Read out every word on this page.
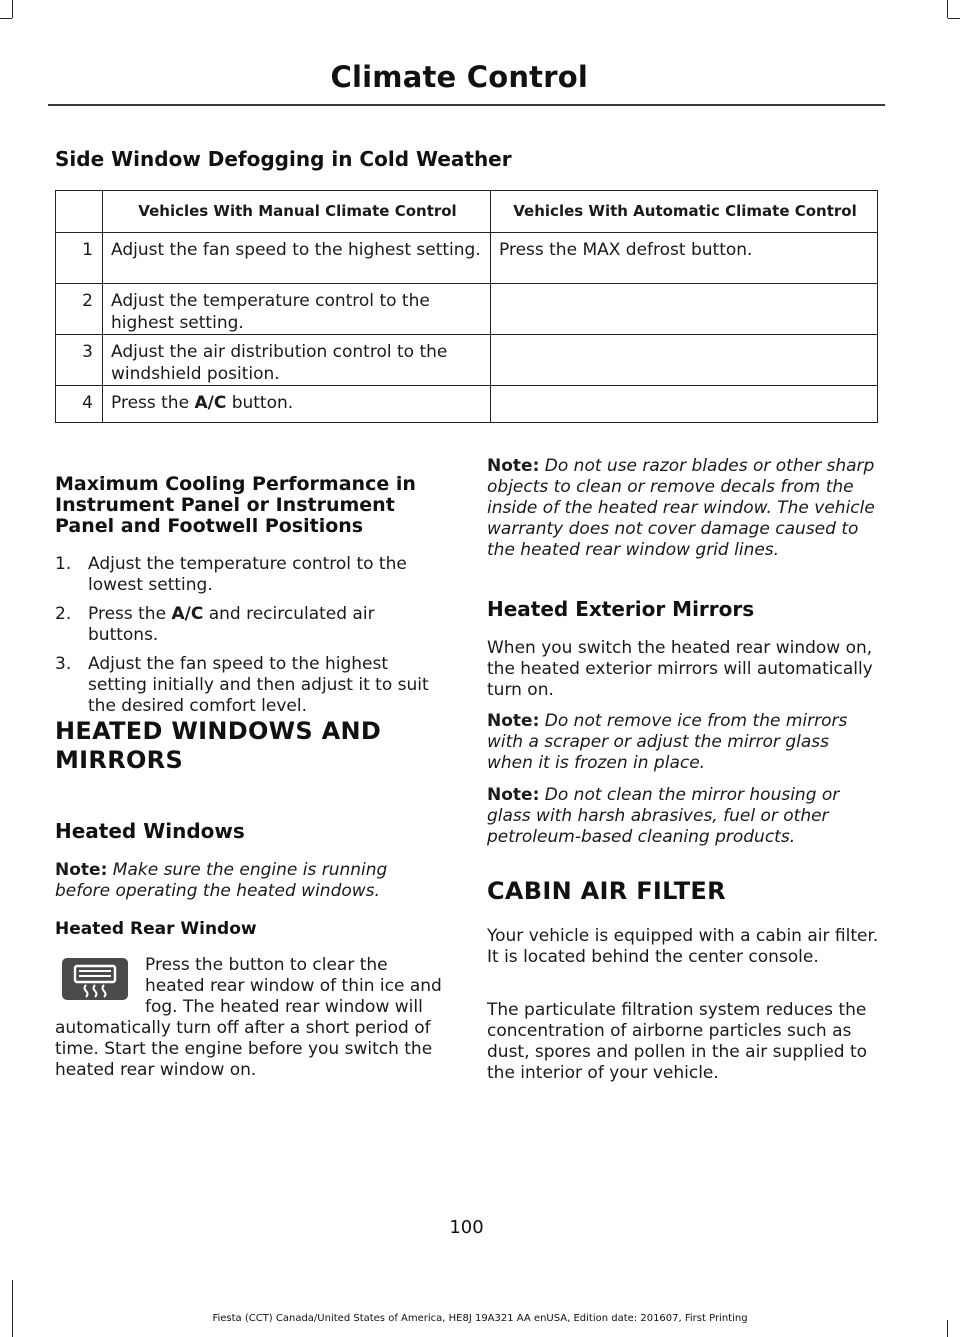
Climate Control
Side Window Defogging in Cold Weather
	Vehicles With Manual Climate Control	Vehicles With Automatic Climate Control
1	Adjust the fan speed to the highest setting.	Press the MAX defrost button.
2	Adjust the temperature control to the highest setting.	
3	Adjust the air distribution control to the windshield position.	
4	Press the A/C button.	
Maximum Cooling Performance in Instrument Panel or Instrument Panel and Footwell Positions
1. Adjust the temperature control to the lowest setting.
2. Press the A/C and recirculated air buttons.
3. Adjust the fan speed to the highest setting initially and then adjust it to suit the desired comfort level.
HEATED WINDOWS AND
MIRRORS
Heated Windows

Note: Make sure the engine is running before operating the heated windows.

Heated Rear Window

Press the button to clear the heated rear window of thin ice and fog. The heated rear window will automatically turn off after a short period of time. Start the engine before you switch the heated rear window on.

Note: Do not use razor blades or other sharp objects to clean or remove decals from the inside of the heated rear window. The vehicle warranty does not cover damage caused to the heated rear window grid lines.

Heated Exterior Mirrors

When you switch the heated rear window on, the heated exterior mirrors will automatically turn on.

Note: Do not remove ice from the mirrors with a scraper or adjust the mirror glass when it is frozen in place.

Note: Do not clean the mirror housing or glass with harsh abrasives, fuel or other petroleum-based cleaning products.

CABIN AIR FILTER

Your vehicle is equipped with a cabin air filter. It is located behind the center console.

The particulate filtration system reduces the concentration of airborne particles such as dust, spores and pollen in the air supplied to the interior of your vehicle.

100
Fiesta (CCT) Canada/United States of America, HE8J 19A321 AA enUSA, Edition date: 201607, First Printing
